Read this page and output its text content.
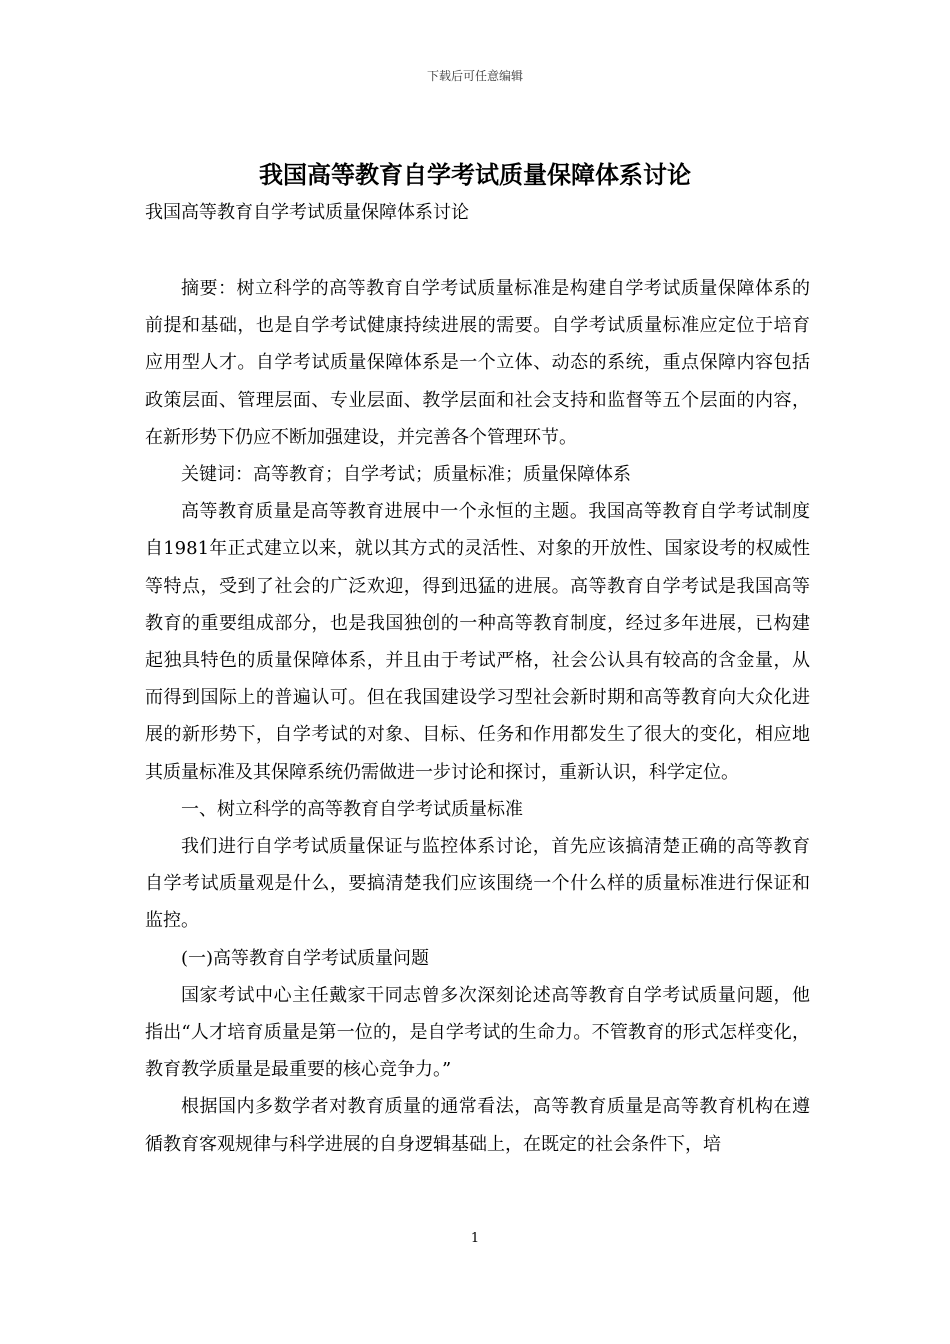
下载后可任意编辑
我国高等教育自学考试质量保障体系讨论
我国高等教育自学考试质量保障体系讨论

摘要：树立科学的高等教育自学考试质量标准是构建自学考试质量保障体系的前提和基础，也是自学考试健康持续进展的需要。自学考试质量标准应定位于培育应用型人才。自学考试质量保障体系是一个立体、动态的系统，重点保障内容包括政策层面、管理层面、专业层面、教学层面和社会支持和监督等五个层面的内容，在新形势下仍应不断加强建设，并完善各个管理环节。

关键词：高等教育；自学考试；质量标准；质量保障体系

高等教育质量是高等教育进展中一个永恒的主题。我国高等教育自学考试制度自1981年正式建立以来，就以其方式的灵活性、对象的开放性、国家设考的权威性等特点，受到了社会的广泛欢迎，得到迅猛的进展。高等教育自学考试是我国高等教育的重要组成部分，也是我国独创的一种高等教育制度，经过多年进展，已构建起独具特色的质量保障体系，并且由于考试严格，社会公认具有较高的含金量，从而得到国际上的普遍认可。但在我国建设学习型社会新时期和高等教育向大众化进展的新形势下，自学考试的对象、目标、任务和作用都发生了很大的变化，相应地其质量标准及其保障系统仍需做进一步讨论和探讨，重新认识，科学定位。

一、树立科学的高等教育自学考试质量标准

我们进行自学考试质量保证与监控体系讨论，首先应该搞清楚正确的高等教育自学考试质量观是什么，要搞清楚我们应该围绕一个什么样的质量标准进行保证和监控。

(一)高等教育自学考试质量问题

国家考试中心主任戴家干同志曾多次深刻论述高等教育自学考试质量问题，他指出“人才培育质量是第一位的，是自学考试的生命力。不管教育的形式怎样变化，教育教学质量是最重要的核心竞争力。”

根据国内多数学者对教育质量的通常看法，高等教育质量是高等教育机构在遵循教育客观规律与科学进展的自身逻辑基础上，在既定的社会条件下，培

1
